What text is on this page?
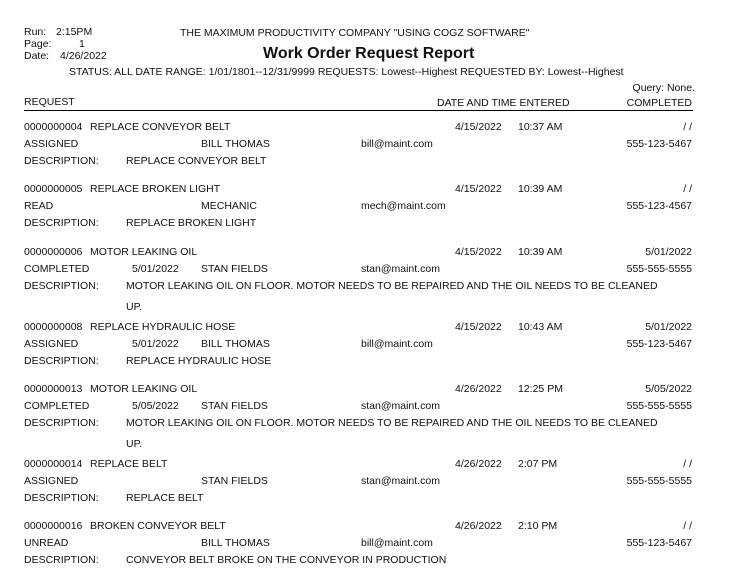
Run: 2:15PM
Page:	1
Date: 4/26/2022
THE MAXIMUM PRODUCTIVITY COMPANY "USING COGZ SOFTWARE"
Work Order Request Report
STATUS: ALL DATE RANGE: 1/01/1801--12/31/9999 REQUESTS: Lowest--Highest REQUESTED BY: Lowest--Highest
Query: None.
REQUEST	DATE AND TIME ENTERED	COMPLETED
0000000004 REPLACE CONVEYOR BELT	4/15/2022 10:37 AM	/ /
ASSIGNED	BILL THOMAS	bill@maint.com	555-123-5467
DESCRIPTION:	REPLACE CONVEYOR BELT
0000000005 REPLACE BROKEN LIGHT	4/15/2022 10:39 AM	/ /
READ	MECHANIC	mech@maint.com	555-123-4567
DESCRIPTION:	REPLACE BROKEN LIGHT
0000000006 MOTOR LEAKING OIL	4/15/2022 10:39 AM	5/01/2022
COMPLETED	5/01/2022 STAN FIELDS	stan@maint.com	555-555-5555
DESCRIPTION:	MOTOR LEAKING OIL ON FLOOR. MOTOR NEEDS TO BE REPAIRED AND THE OIL NEEDS TO BE CLEANED
UP.
0000000008 REPLACE HYDRAULIC HOSE	4/15/2022 10:43 AM	5/01/2022
ASSIGNED	5/01/2022 BILL THOMAS	bill@maint.com	555-123-5467
DESCRIPTION:	REPLACE HYDRAULIC HOSE
0000000013 MOTOR LEAKING OIL	4/26/2022 12:25 PM	5/05/2022
COMPLETED	5/05/2022 STAN FIELDS	stan@maint.com	555-555-5555
DESCRIPTION:	MOTOR LEAKING OIL ON FLOOR. MOTOR NEEDS TO BE REPAIRED AND THE OIL NEEDS TO BE CLEANED
UP.
0000000014 REPLACE BELT	4/26/2022 2:07 PM	/ /
ASSIGNED	STAN FIELDS	stan@maint.com	555-555-5555
DESCRIPTION:	REPLACE BELT
0000000016 BROKEN CONVEYOR BELT	4/26/2022 2:10 PM	/ /
UNREAD	BILL THOMAS	bill@maint.com	555-123-5467
DESCRIPTION:	CONVEYOR BELT BROKE ON THE CONVEYOR IN PRODUCTION
